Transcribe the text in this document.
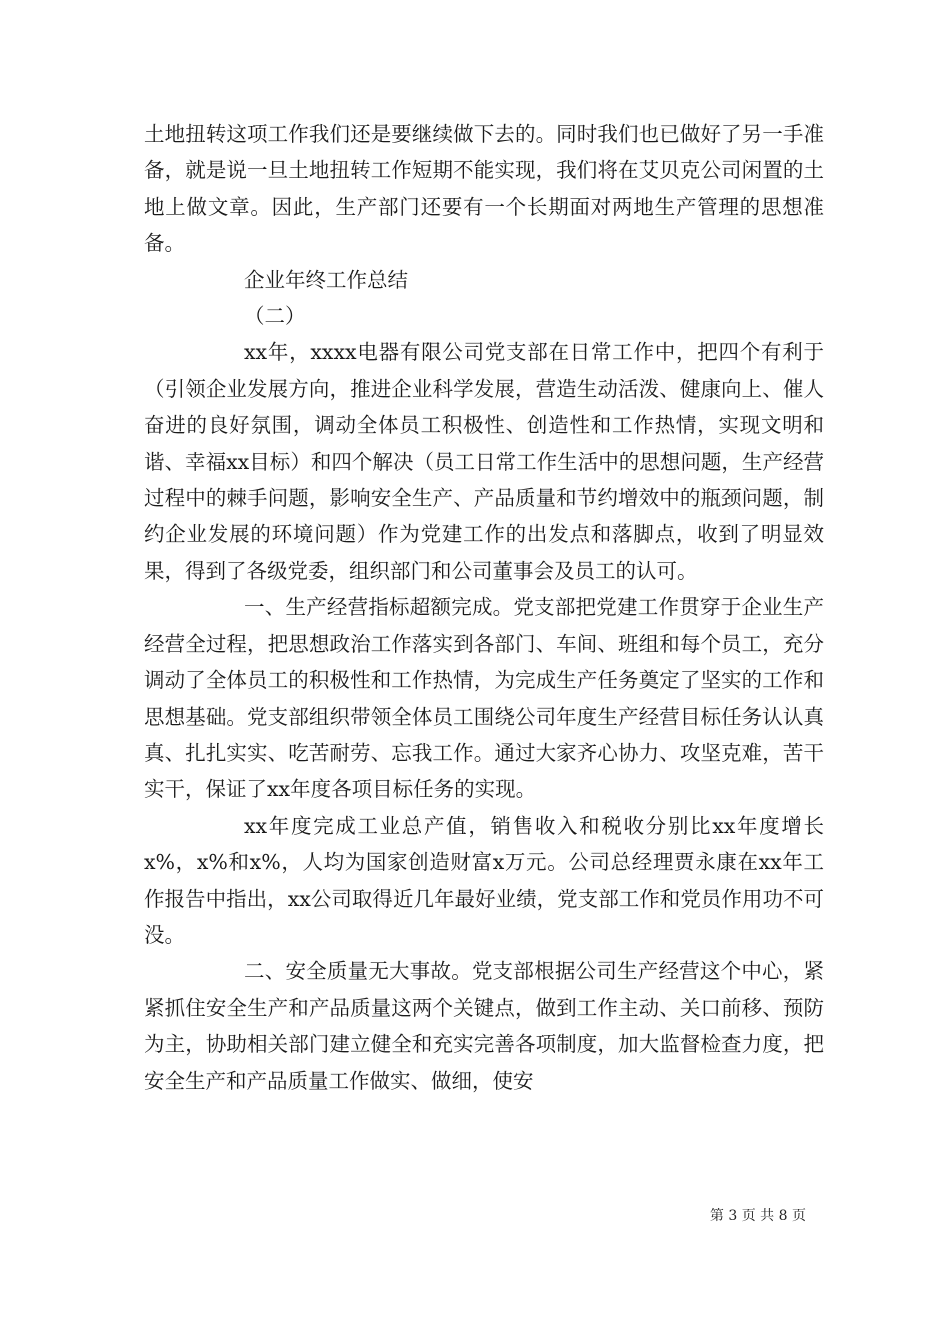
土地扭转这项工作我们还是要继续做下去的。同时我们也已做好了另一手准备，就是说一旦土地扭转工作短期不能实现，我们将在艾贝克公司闲置的土地上做文章。因此，生产部门还要有一个长期面对两地生产管理的思想准备。

企业年终工作总结

（二）

xx年，xxxx电器有限公司党支部在日常工作中，把四个有利于（引领企业发展方向，推进企业科学发展，营造生动活泼、健康向上、催人奋进的良好氛围，调动全体员工积极性、创造性和工作热情，实现文明和谐、幸福xx目标）和四个解决（员工日常工作生活中的思想问题，生产经营过程中的棘手问题，影响安全生产、产品质量和节约增效中的瓶颈问题，制约企业发展的环境问题）作为党建工作的出发点和落脚点，收到了明显效果，得到了各级党委，组织部门和公司董事会及员工的认可。

一、生产经营指标超额完成。党支部把党建工作贯穿于企业生产经营全过程，把思想政治工作落实到各部门、车间、班组和每个员工，充分调动了全体员工的积极性和工作热情，为完成生产任务奠定了坚实的工作和思想基础。党支部组织带领全体员工围绕公司年度生产经营目标任务认认真真、扎扎实实、吃苦耐劳、忘我工作。通过大家齐心协力、攻坚克难，苦干实干，保证了xx年度各项目标任务的实现。

xx年度完成工业总产值，销售收入和税收分别比xx年度增长x%，x%和x%，人均为国家创造财富x万元。公司总经理贾永康在xx年工作报告中指出，xx公司取得近几年最好业绩，党支部工作和党员作用功不可没。

二、安全质量无大事故。党支部根据公司生产经营这个中心，紧紧抓住安全生产和产品质量这两个关键点，做到工作主动、关口前移、预防为主，协助相关部门建立健全和充实完善各项制度，加大监督检查力度，把安全生产和产品质量工作做实、做细，使安

第 3 页 共 8 页
